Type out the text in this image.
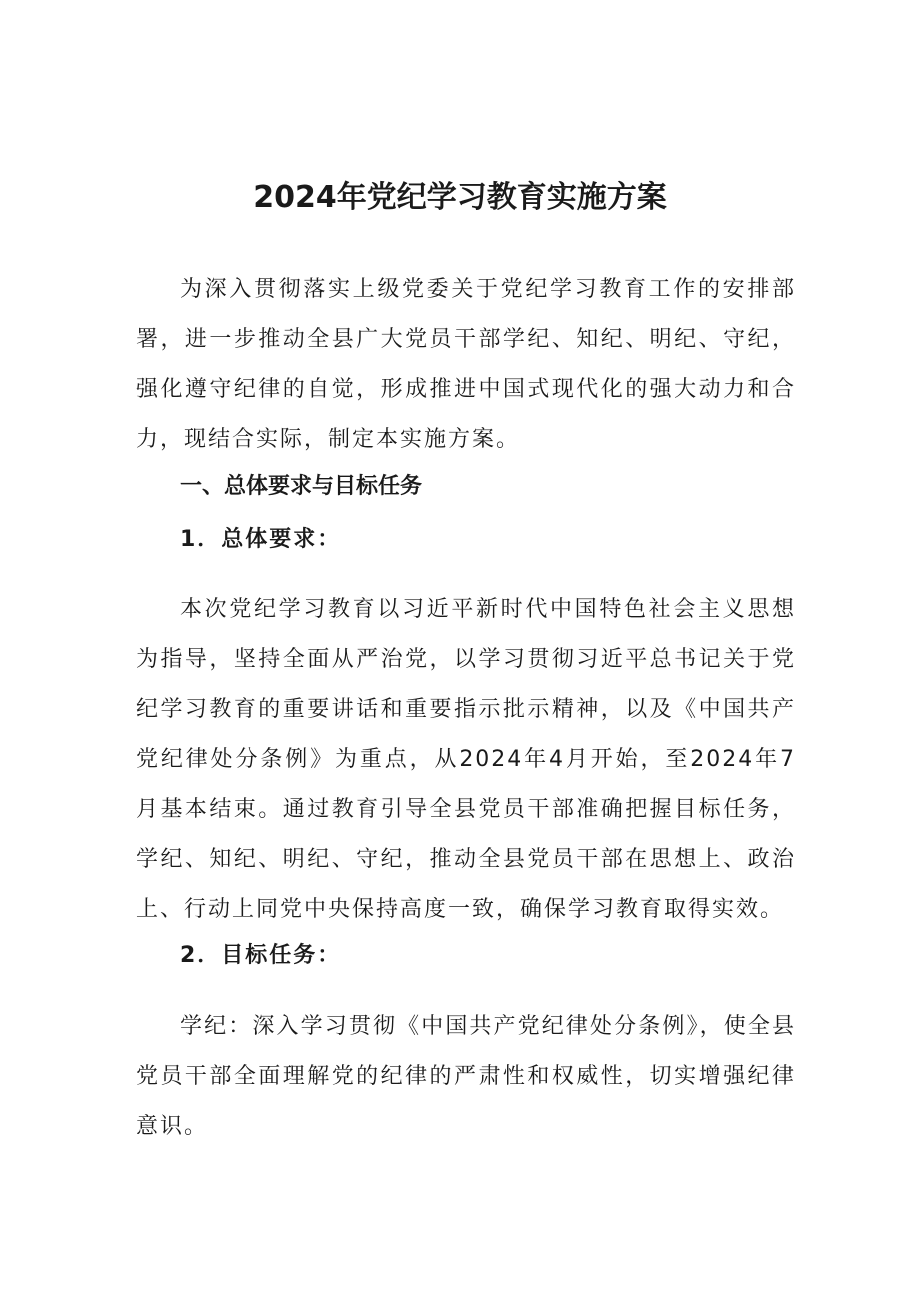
2024年党纪学习教育实施方案

为深入贯彻落实上级党委关于党纪学习教育工作的安排部署，进一步推动全县广大党员干部学纪、知纪、明纪、守纪，强化遵守纪律的自觉，形成推进中国式现代化的强大动力和合力，现结合实际，制定本实施方案。

一、总体要求与目标任务
1．总体要求：

本次党纪学习教育以习近平新时代中国特色社会主义思想为指导，坚持全面从严治党，以学习贯彻习近平总书记关于党纪学习教育的重要讲话和重要指示批示精神，以及《中国共产党纪律处分条例》为重点，从2024年4月开始，至2024年7月基本结束。通过教育引导全县党员干部准确把握目标任务，学纪、知纪、明纪、守纪，推动全县党员干部在思想上、政治上、行动上同党中央保持高度一致，确保学习教育取得实效。

2．目标任务：

学纪：深入学习贯彻《中国共产党纪律处分条例》，使全县党员干部全面理解党的纪律的严肃性和权威性，切实增强纪律意识。
